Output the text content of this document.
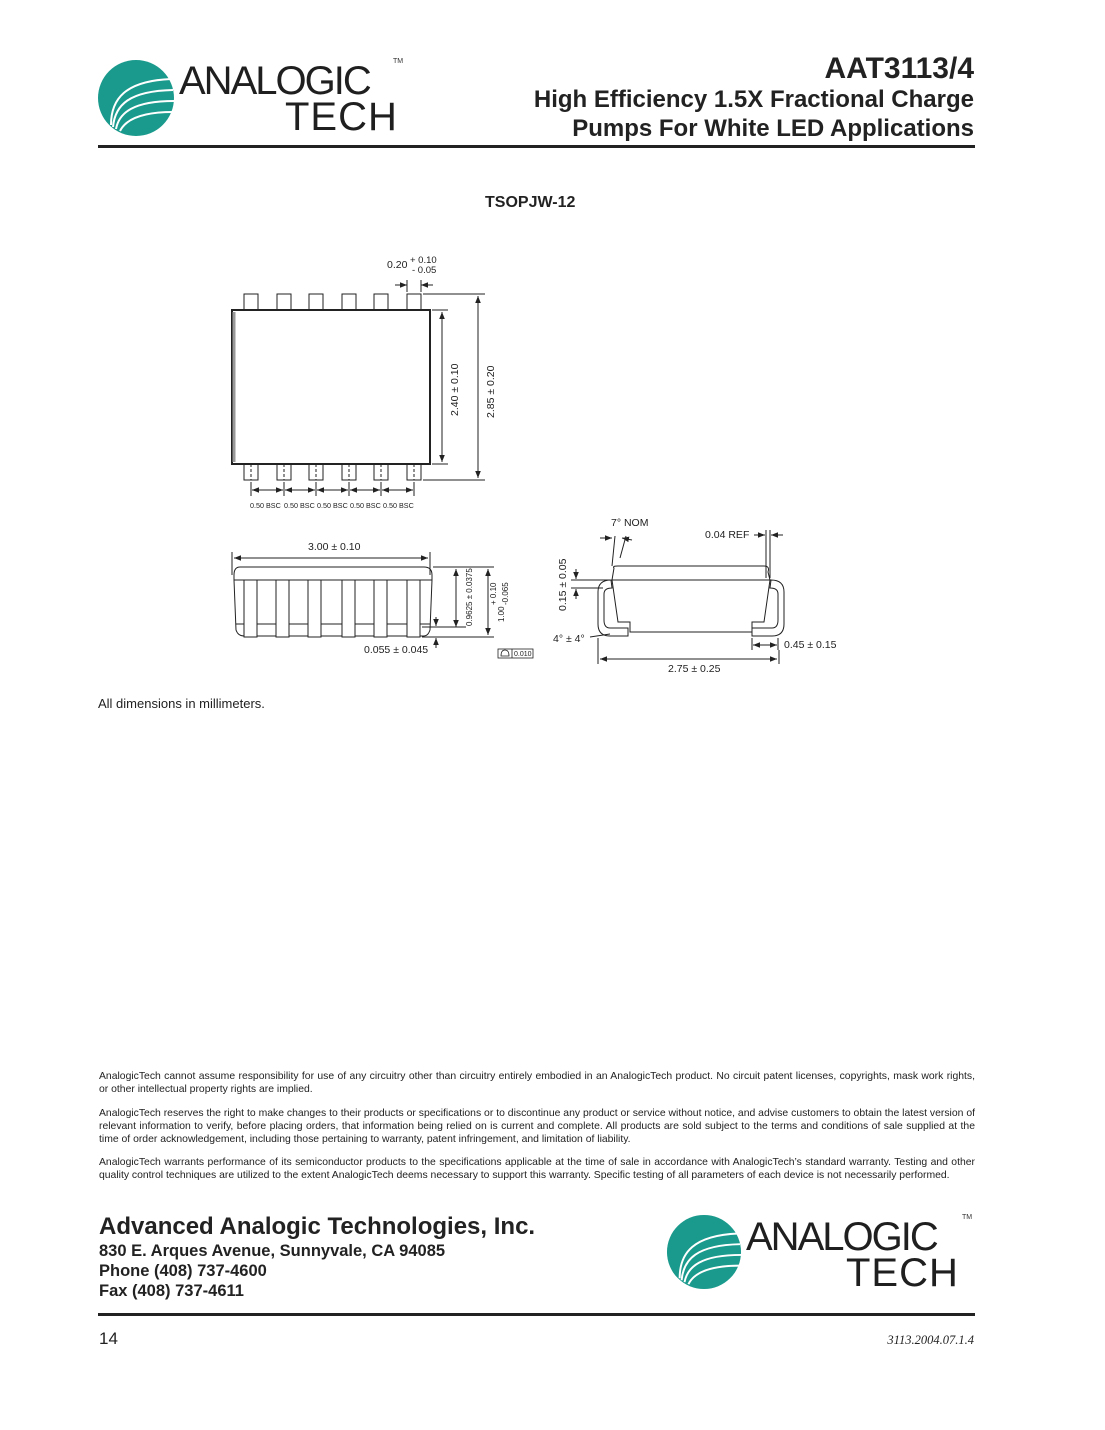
ANALOGIC	TM
TECH
AAT3113/4
High Efficiency 1.5X Fractional Charge
Pumps For White LED Applications
TSOPJW-12
0.20 + 0.10
- 0.05
2.40 ± 0.10 2.85 ± 0.20
0.50 BSC 0.50 BSC 0.50 BSC 0.50 BSC 0.50 BSC
3.00 ± 0.10
0.9625 ± 0.0375	1.00
+ 0.10 -0.065
0.055 ± 0.045	0.010
7° NOM
0.04 REF
0.15 ± 0.05
4° ± 4°	0.45 ± 0.15
2.75 ± 0.25
All dimensions in millimeters.
AnalogicTech cannot assume responsibility for use of any circuitry other than circuitry entirely embodied in an AnalogicTech product. No circuit patent licenses, copyrights, mask work rights, or other intellectual property rights are implied.
AnalogicTech reserves the right to make changes to their products or specifications or to discontinue any product or service without notice, and advise customers to obtain the latest version of relevant information to verify, before placing orders, that information being relied on is current and complete. All products are sold subject to the terms and conditions of sale supplied at the time of order acknowledgement, including those pertaining to warranty, patent infringement, and limitation of liability.
AnalogicTech warrants performance of its semiconductor products to the specifications applicable at the time of sale in accordance with AnalogicTech’s standard warranty. Testing and other quality control techniques are utilized to the extent AnalogicTech deems necessary to support this warranty. Specific testing of all parameters of each device is not necessarily performed.
Advanced Analogic Technologies, Inc.
830 E. Arques Avenue, Sunnyvale, CA 94085
Phone (408) 737-4600
Fax (408) 737-4611
ANALOGIC	TM
TECH
14	3113.2004.07.1.4
